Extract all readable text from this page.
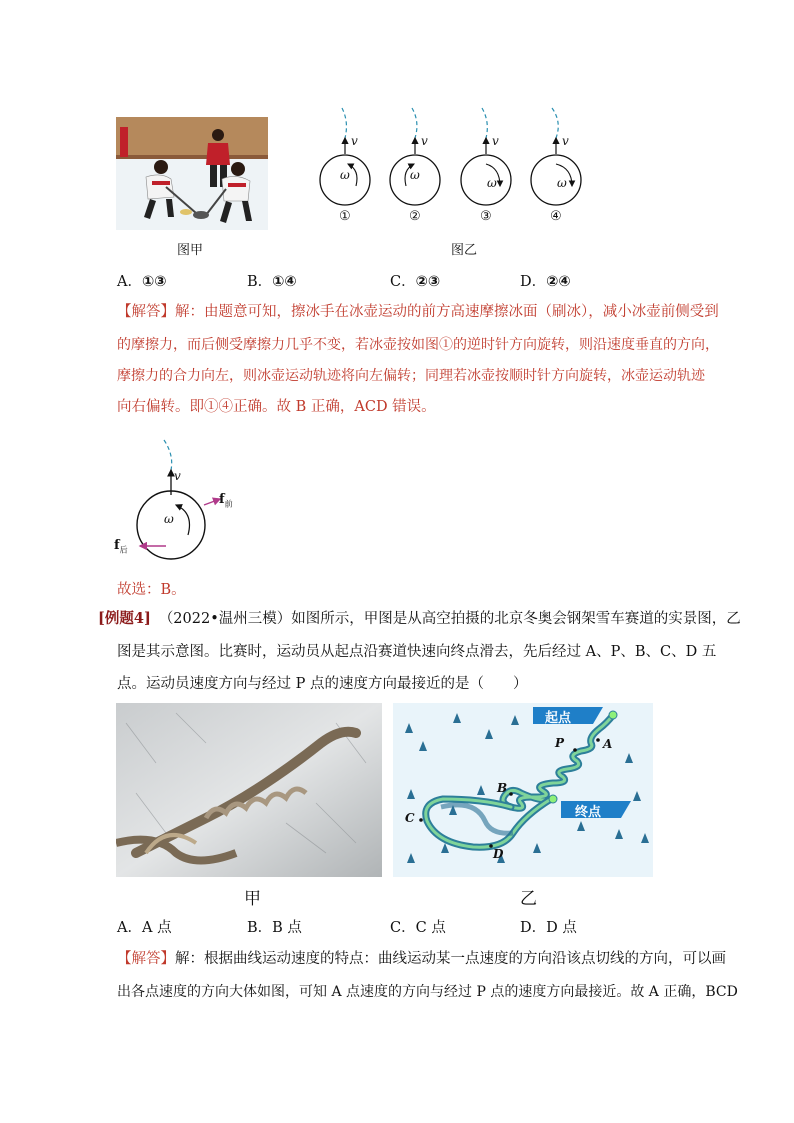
图甲
v	v	v	v
ω	ω
ω	ω
①	②	③	④
图乙
A．①③	B．①④	C．②③	D．②④
【解答】解：由题意可知，擦冰手在冰壶运动的前方高速摩擦冰面（刷冰），减小冰壶前侧受到
的摩擦力，而后侧受摩擦力几乎不变，若冰壶按如图①的逆时针方向旋转，则沿速度垂直的方向，
摩擦力的合力向左，则冰壶运动轨迹将向左偏转；同理若冰壶按顺时针方向旋转，冰壶运动轨迹
向右偏转。即①④正确。故 B 正确，ACD 错误。
v
ω
$f_前$
$f_后$
故选：B。
[例题4] （2022•温州三模）如图所示，甲图是从高空拍摄的北京冬奥会钢架雪车赛道的实景图，乙
图是其示意图。比赛时，运动员从起点沿赛道快速向终点滑去，先后经过 A、P、B、C、D 五
点。运动员速度方向与经过 P 点的速度方向最接近的是（　　）
甲
起点
终点
P	A
B
C
D
乙
A．A 点	B．B 点	C．C 点	D．D 点
【解答】解：根据曲线运动速度的特点：曲线运动某一点速度的方向沿该点切线的方向，可以画
出各点速度的方向大体如图，可知 A 点速度的方向与经过 P 点的速度方向最接近。故 A 正确，BCD
